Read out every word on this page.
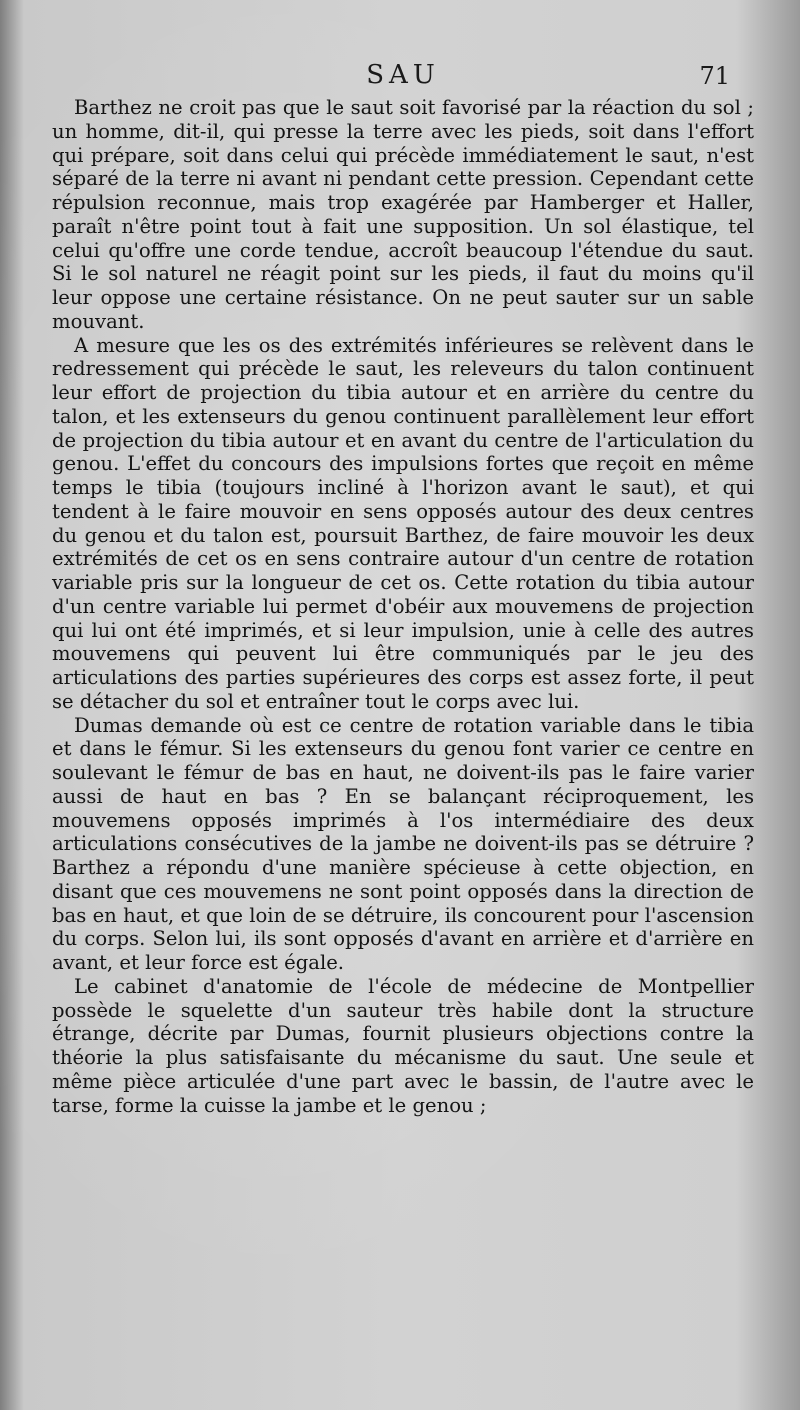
SAU	71

Barthez ne croit pas que le saut soit favorisé par la réaction du sol ; un homme, dit-il, qui presse la terre avec les pieds, soit dans l'effort qui prépare, soit dans celui qui précède immédiatement le saut, n'est séparé de la terre ni avant ni pendant cette pression. Cependant cette répulsion reconnue, mais trop exagérée par Hamberger et Haller, paraît n'être point tout à fait une supposition. Un sol élastique, tel celui qu'offre une corde tendue, accroît beaucoup l'étendue du saut. Si le sol naturel ne réagit point sur les pieds, il faut du moins qu'il leur oppose une certaine résistance. On ne peut sauter sur un sable mouvant.

A mesure que les os des extrémités inférieures se relèvent dans le redressement qui précède le saut, les releveurs du talon continuent leur effort de projection du tibia autour et en arrière du centre du talon, et les extenseurs du genou continuent parallèlement leur effort de projection du tibia autour et en avant du centre de l'articulation du genou. L'effet du concours des impulsions fortes que reçoit en même temps le tibia (toujours incliné à l'horizon avant le saut), et qui tendent à le faire mouvoir en sens opposés autour des deux centres du genou et du talon est, poursuit Barthez, de faire mouvoir les deux extrémités de cet os en sens contraire autour d'un centre de rotation variable pris sur la longueur de cet os. Cette rotation du tibia autour d'un centre variable lui permet d'obéir aux mouvemens de projection qui lui ont été imprimés, et si leur impulsion, unie à celle des autres mouvemens qui peuvent lui être communiqués par le jeu des articulations des parties supérieures des corps est assez forte, il peut se détacher du sol et entraîner tout le corps avec lui.

Dumas demande où est ce centre de rotation variable dans le tibia et dans le fémur. Si les extenseurs du genou font varier ce centre en soulevant le fémur de bas en haut, ne doivent-ils pas le faire varier aussi de haut en bas ? En se balançant réciproquement, les mouvemens opposés imprimés à l'os intermédiaire des deux articulations consécutives de la jambe ne doivent-ils pas se détruire ? Barthez a répondu d'une manière spécieuse à cette objection, en disant que ces mouvemens ne sont point opposés dans la direction de bas en haut, et que loin de se détruire, ils concourent pour l'ascension du corps. Selon lui, ils sont opposés d'avant en arrière et d'arrière en avant, et leur force est égale.

Le cabinet d'anatomie de l'école de médecine de Montpellier possède le squelette d'un sauteur très habile dont la structure étrange, décrite par Dumas, fournit plusieurs objections contre la théorie la plus satisfaisante du mécanisme du saut. Une seule et même pièce articulée d'une part avec le bassin, de l'autre avec le tarse, forme la cuisse la jambe et le genou ;
